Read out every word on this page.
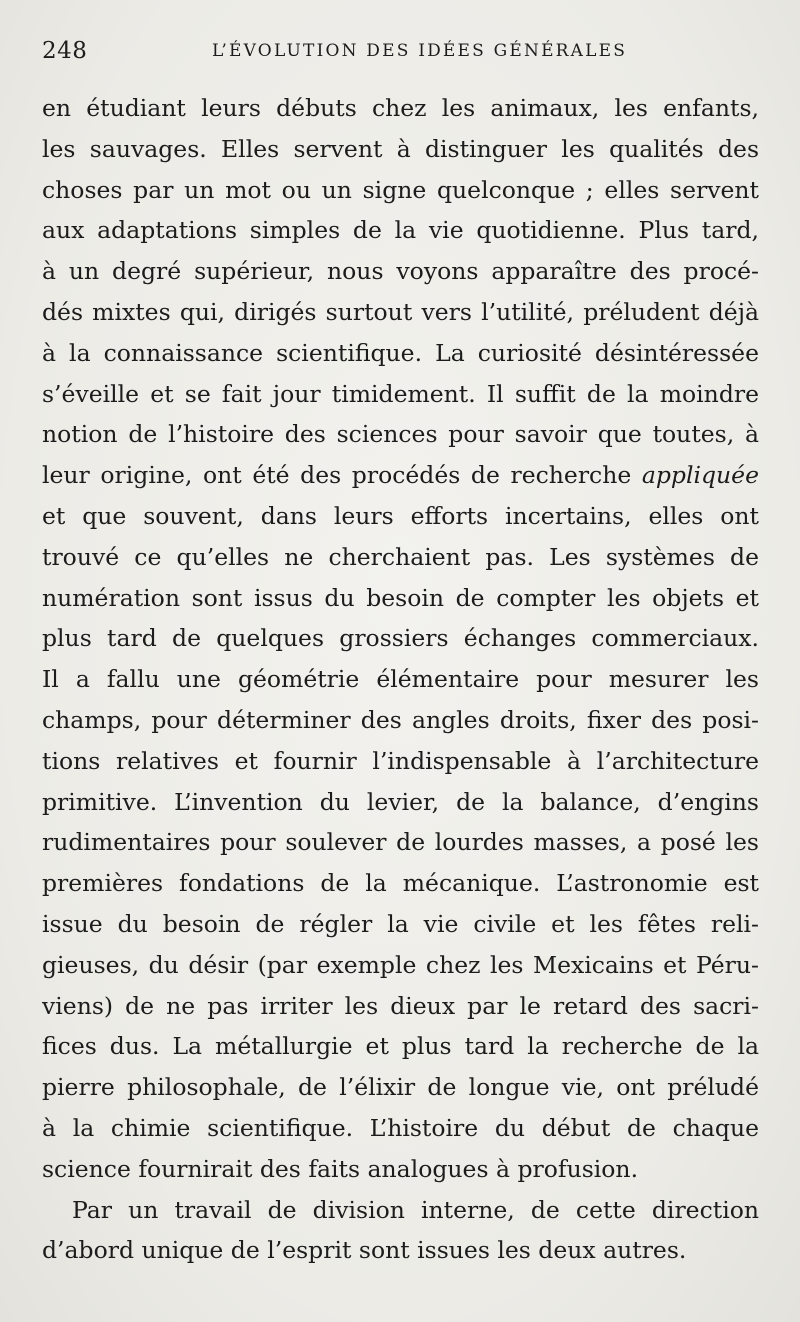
248	L’ÉVOLUTION DES IDÉES GÉNÉRALES
en étudiant leurs débuts chez les animaux, les enfants,
les sauvages. Elles servent à distinguer les qualités des
choses par un mot ou un signe quelconque ; elles servent
aux adaptations simples de la vie quotidienne. Plus tard,
à un degré supérieur, nous voyons apparaître des procé-
dés mixtes qui, dirigés surtout vers l’utilité, préludent déjà
à la connaissance scientifique. La curiosité désintéressée
s’éveille et se fait jour timidement. Il suffit de la moindre
notion de l’histoire des sciences pour savoir que toutes, à
leur origine, ont été des procédés de recherche appliquée
et que souvent, dans leurs efforts incertains, elles ont
trouvé ce qu’elles ne cherchaient pas. Les systèmes de
numération sont issus du besoin de compter les objets et
plus tard de quelques grossiers échanges commerciaux.
Il a fallu une géométrie élémentaire pour mesurer les
champs, pour déterminer des angles droits, fixer des posi-
tions relatives et fournir l’indispensable à l’architecture
primitive. L’invention du levier, de la balance, d’engins
rudimentaires pour soulever de lourdes masses, a posé les
premières fondations de la mécanique. L’astronomie est
issue du besoin de régler la vie civile et les fêtes reli-
gieuses, du désir (par exemple chez les Mexicains et Péru-
viens) de ne pas irriter les dieux par le retard des sacri-
fices dus. La métallurgie et plus tard la recherche de la
pierre philosophale, de l’élixir de longue vie, ont préludé
à la chimie scientifique. L’histoire du début de chaque
science fournirait des faits analogues à profusion.
Par un travail de division interne, de cette direction
d’abord unique de l’esprit sont issues les deux autres.
